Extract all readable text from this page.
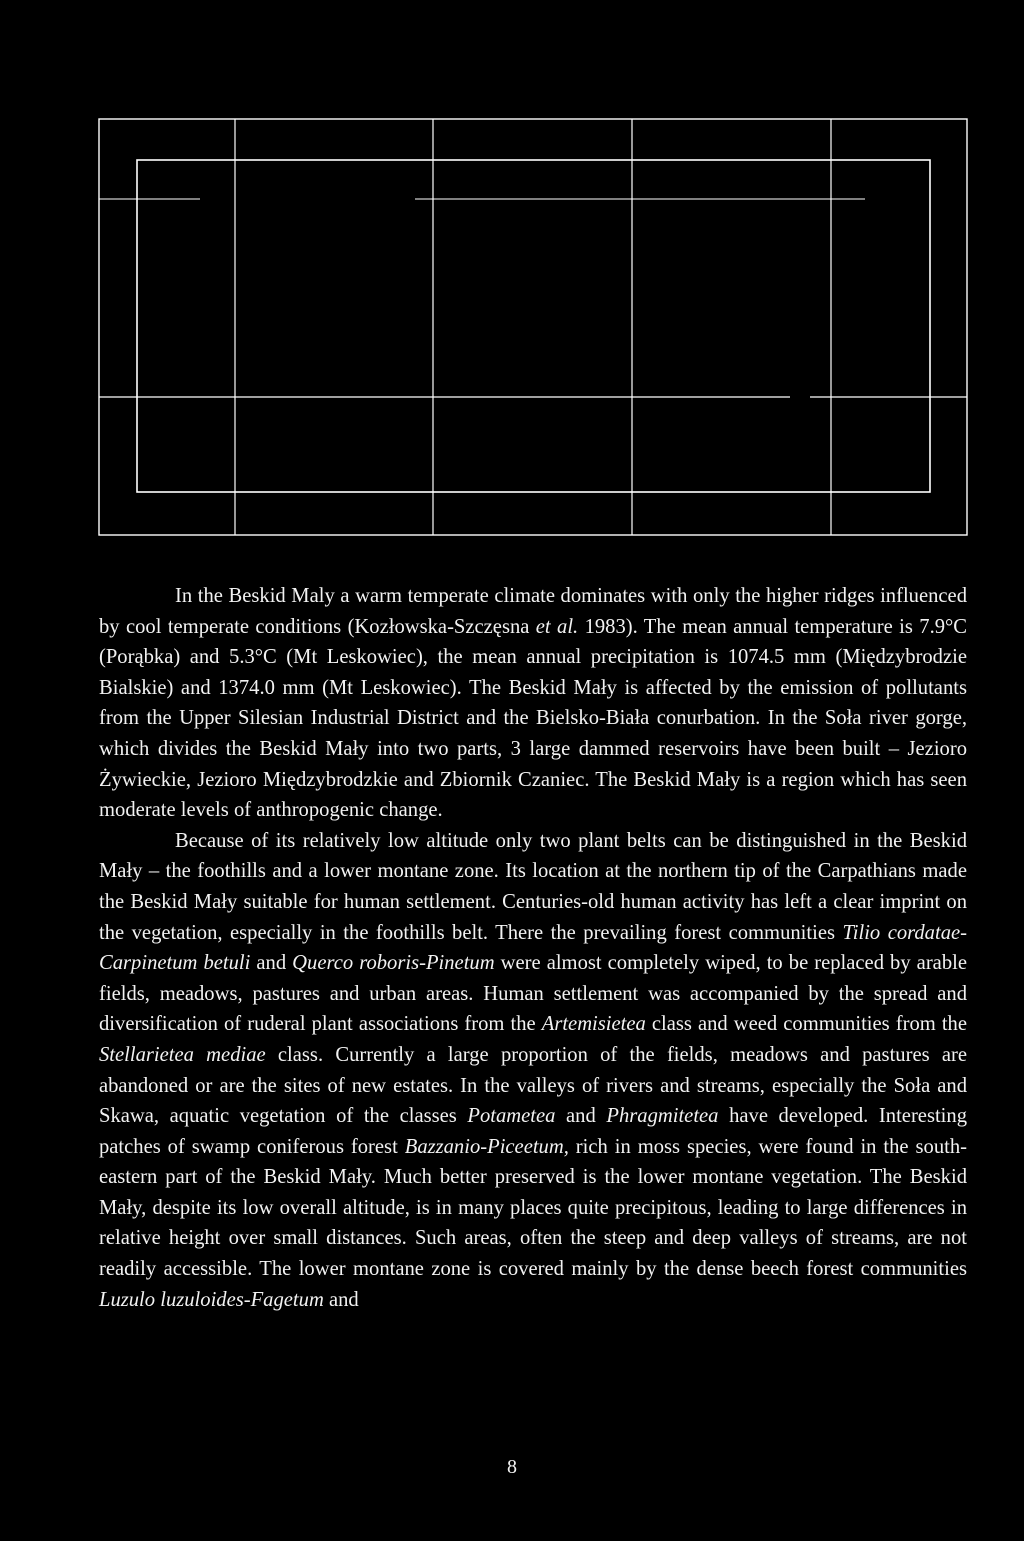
In the Beskid Maly a warm temperate climate dominates with only the higher ridges influenced by cool temperate conditions (Kozłowska-Szczęsna et al. 1983). The mean annual temperature is 7.9°C (Porąbka) and 5.3°C (Mt Leskowiec), the mean annual precipitation is 1074.5 mm (Międzybrodzie Bialskie) and 1374.0 mm (Mt Leskowiec). The Beskid Mały is affected by the emission of pollutants from the Upper Silesian Industrial District and the Bielsko-Biała conurbation. In the Soła river gorge, which divides the Beskid Mały into two parts, 3 large dammed reservoirs have been built – Jezioro Żywieckie, Jezioro Międzybrodzkie and Zbiornik Czaniec. The Beskid Mały is a region which has seen moderate levels of anthropogenic change.

Because of its relatively low altitude only two plant belts can be distinguished in the Beskid Mały – the foothills and a lower montane zone. Its location at the northern tip of the Carpathians made the Beskid Mały suitable for human settlement. Centuries-old human activity has left a clear imprint on the vegetation, especially in the foothills belt. There the prevailing forest communities Tilio cordatae-Carpinetum betuli and Querco roboris-Pinetum were almost completely wiped, to be replaced by arable fields, meadows, pastures and urban areas. Human settlement was accompanied by the spread and diversification of ruderal plant associations from the Artemisietea class and weed communities from the Stellarietea mediae class. Currently a large proportion of the fields, meadows and pastures are abandoned or are the sites of new estates. In the valleys of rivers and streams, especially the Soła and Skawa, aquatic vegetation of the classes Potametea and Phragmitetea have developed. Interesting patches of swamp coniferous forest Bazzanio-Piceetum, rich in moss species, were found in the south-eastern part of the Beskid Mały. Much better preserved is the lower montane vegetation. The Beskid Mały, despite its low overall altitude, is in many places quite precipitous, leading to large differences in relative height over small distances. Such areas, often the steep and deep valleys of streams, are not readily accessible. The lower montane zone is covered mainly by the dense beech forest communities Luzulo luzuloides-Fagetum and

8
